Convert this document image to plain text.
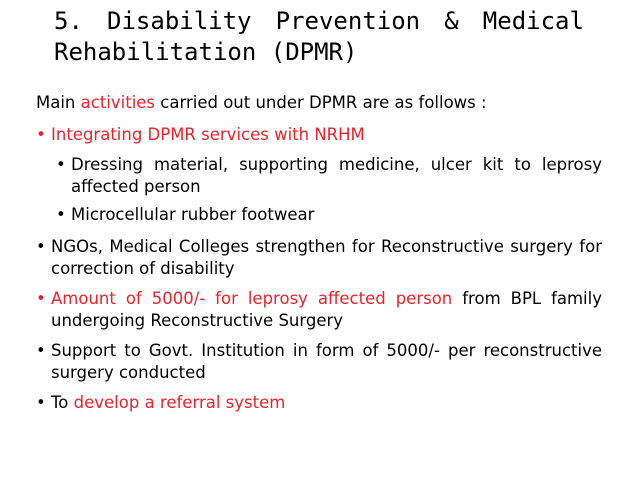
5. Disability Prevention & Medical
Rehabilitation (DPMR)
Main activities carried out under DPMR are as follows :
• Integrating DPMR services with NRHM
• Dressing material, supporting medicine, ulcer kit to leprosy affected person
• Microcellular rubber footwear
• NGOs, Medical Colleges strengthen for Reconstructive surgery for correction of disability
• Amount of 5000/- for leprosy affected person from BPL family undergoing Reconstructive Surgery
• Support to Govt. Institution in form of 5000/- per reconstructive surgery conducted
• To develop a referral system
